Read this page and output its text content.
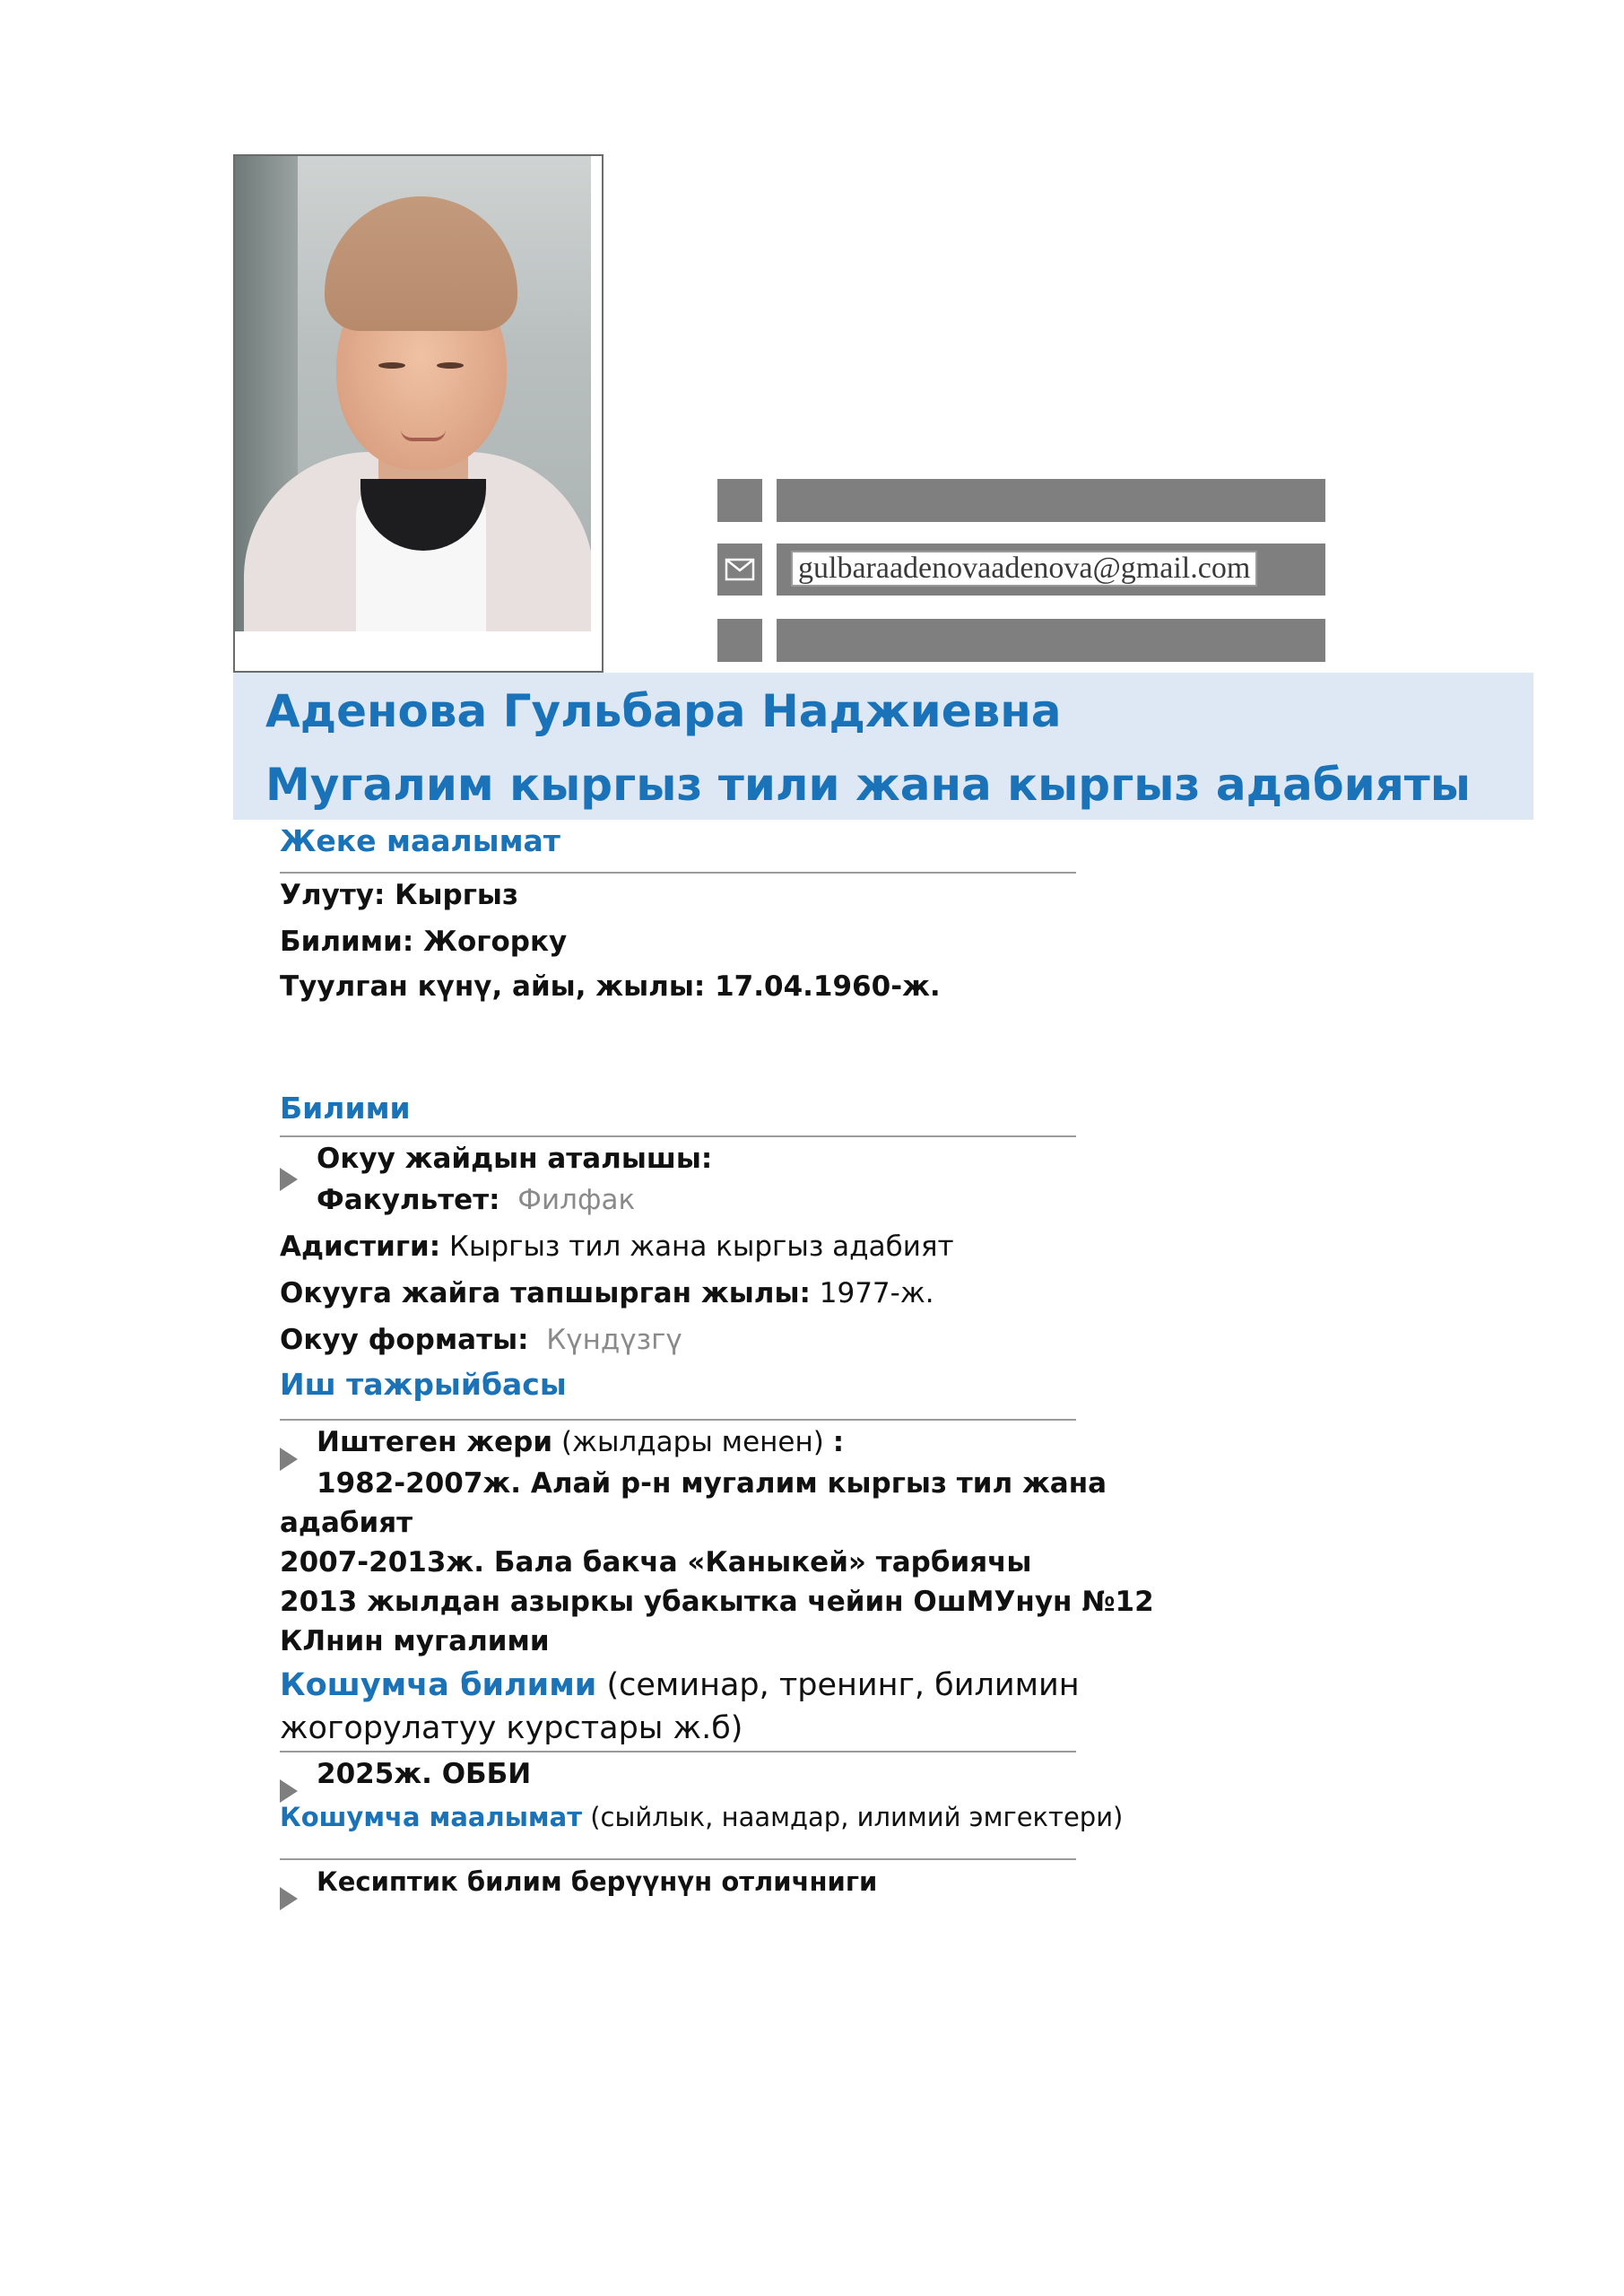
gulbaraadenovaadenova@gmail.com
Аденова Гульбара Наджиевна
Мугалим кыргыз тили жана кыргыз адабияты
Жеке маалымат
Улуту: Кыргыз
Билими: Жогорку
Туулган күнү, айы, жылы: 17.04.1960-ж.
Билими
Окуу жайдын аталышы:
Факультет: Филфак
Адистиги: Кыргыз тил жана кыргыз адабият
Окууга жайга тапшырган жылы: 1977-ж.
Окуу форматы: Күндүзгү
Иш тажрыйбасы
Иштеген жери (жылдары менен) :
1982-2007ж. Алай р-н мугалим кыргыз тил жана
адабият
2007-2013ж. Бала бакча «Каныкей» тарбиячы
2013 жылдан азыркы убакытка чейин ОшМУнун №12
КЛнин мугалими
Кошумча билими (семинар, тренинг, билимин
жогорулатуу курстары ж.б)
2025ж. ОББИ
Кошумча маалымат (сыйлык, наамдар, илимий эмгектери)
Кесиптик билим берүүнүн отличниги
